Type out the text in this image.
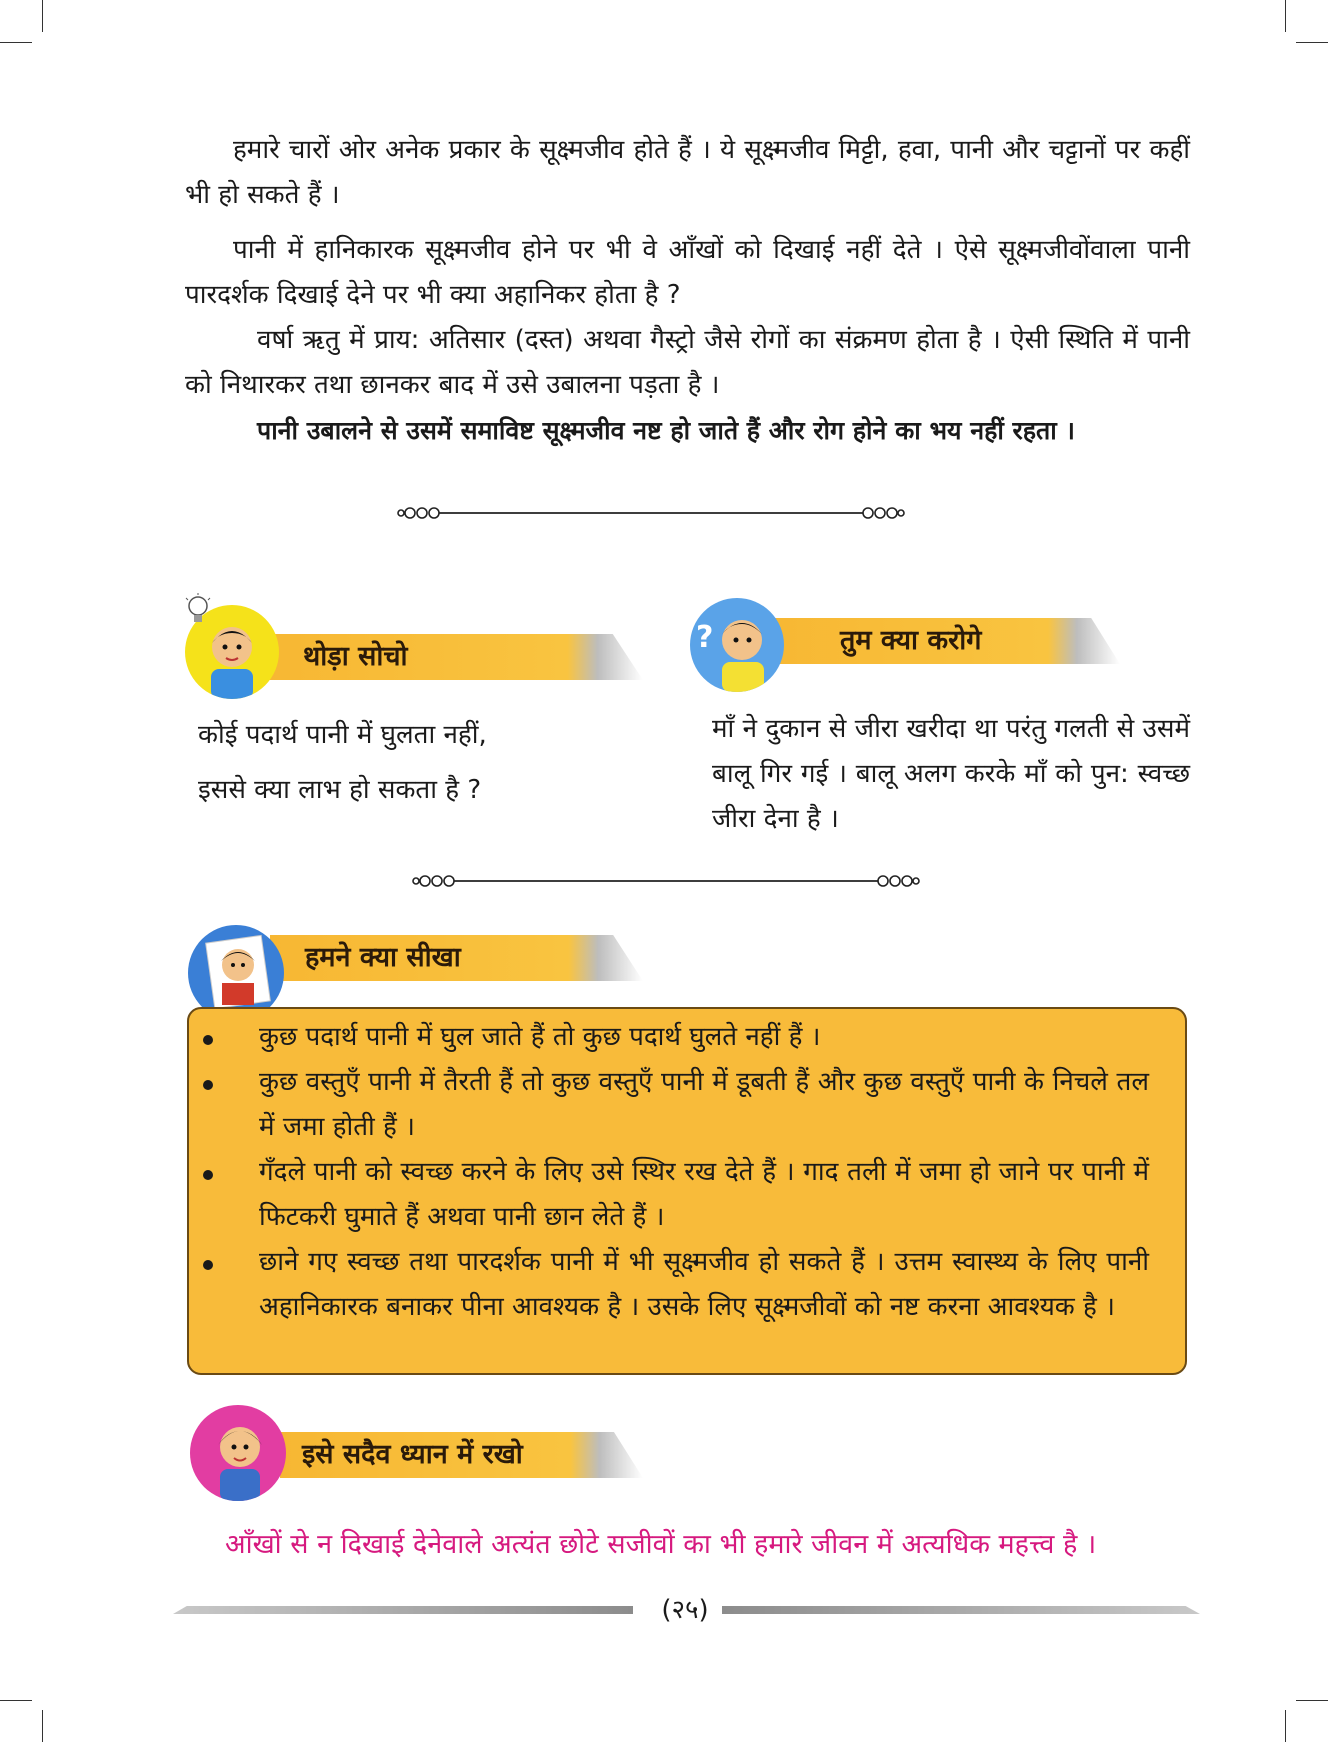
हमारे चारों ओर अनेक प्रकार के सूक्ष्मजीव होते हैं । ये सूक्ष्मजीव मिट्टी, हवा, पानी और चट्टानों पर कहीं भी हो सकते हैं ।

पानी में हानिकारक सूक्ष्मजीव होने पर भी वे आँखों को दिखाई नहीं देते । ऐसे सूक्ष्मजीवोंवाला पानी पारदर्शक दिखाई देने पर भी क्या अहानिकर होता है ?

वर्षा ऋतु में प्राय: अतिसार (दस्त) अथवा गैस्ट्रो जैसे रोगों का संक्रमण होता है । ऐसी स्थिति में पानी को निथारकर तथा छानकर बाद में उसे उबालना पड़ता है ।

पानी उबालने से उसमें समाविष्ट सूक्ष्मजीव नष्ट हो जाते हैं और रोग होने का भय नहीं रहता ।

थोड़ा सोचो
तुम क्या करोगे
?

कोई पदार्थ पानी में घुलता नहीं,

इससे क्या लाभ हो सकता है ?

माँ ने दुकान से जीरा खरीदा था परंतु गलती से उसमें बालू गिर गई । बालू अलग करके माँ को पुन: स्वच्छ जीरा देना है ।

हमने क्या सीखा
कुछ पदार्थ पानी में घुल जाते हैं तो कुछ पदार्थ घुलते नहीं हैं ।
कुछ वस्तुएँ पानी में तैरती हैं तो कुछ वस्तुएँ पानी में डूबती हैं और कुछ वस्तुएँ पानी के निचले तल में जमा होती हैं ।
गँदले पानी को स्वच्छ करने के लिए उसे स्थिर रख देते हैं । गाद तली में जमा हो जाने पर पानी में फिटकरी घुमाते हैं अथवा पानी छान लेते हैं ।
छाने गए स्वच्छ तथा पारदर्शक पानी में भी सूक्ष्मजीव हो सकते हैं । उत्तम स्वास्थ्य के लिए पानी अहानिकारक बनाकर पीना आवश्यक है । उसके लिए सूक्ष्मजीवों को नष्ट करना आवश्यक है ।
इसे सदैव ध्यान में रखो
आँखों से न दिखाई देनेवाले अत्यंत छोटे सजीवों का भी हमारे जीवन में अत्यधिक महत्त्व है ।
(२५)
